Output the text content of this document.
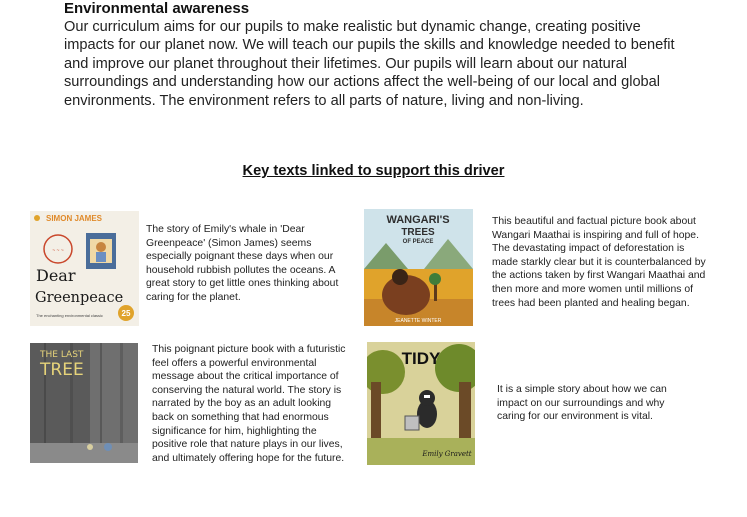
Environmental awareness

Our curriculum aims for our pupils to make realistic but dynamic change, creating positive impacts for our planet now. We will teach our pupils the skills and knowledge needed to benefit and improve our planet throughout their lifetimes. Our pupils will learn about our natural surroundings and understanding how our actions affect the well-being of our local and global environments. The environment refers to all parts of nature, living and non-living.

Key texts linked to support this driver
SIMON JAMES
~ ~ ~
Dear
Greenpeace
The enchanting environmental classic 25

The story of Emily's whale in 'Dear Greenpeace' (Simon James) seems especially poignant these days when our household rubbish pollutes the oceans. A great story to get little ones thinking about caring for the planet.

WANGARI'S
TREES
OF PEACE
JEANETTE WINTER

This beautiful and factual picture book about Wangari Maathai is inspiring and full of hope. The devastating impact of deforestation is made starkly clear but it is counterbalanced by the actions taken by first Wangari Maathai and then more and more women until millions of trees had been planted and healing began.

THE LAST
TREE

This poignant picture book with a futuristic feel offers a powerful environmental message about the critical importance of conserving the natural world. The story is narrated by the boy as an adult looking back on something that had enormous significance for him, highlighting the positive role that nature plays in our lives, and ultimately offering hope for the future.

TIDY
Emily Gravett

It is a simple story about how we can impact on our surroundings and why caring for our environment is vital.
